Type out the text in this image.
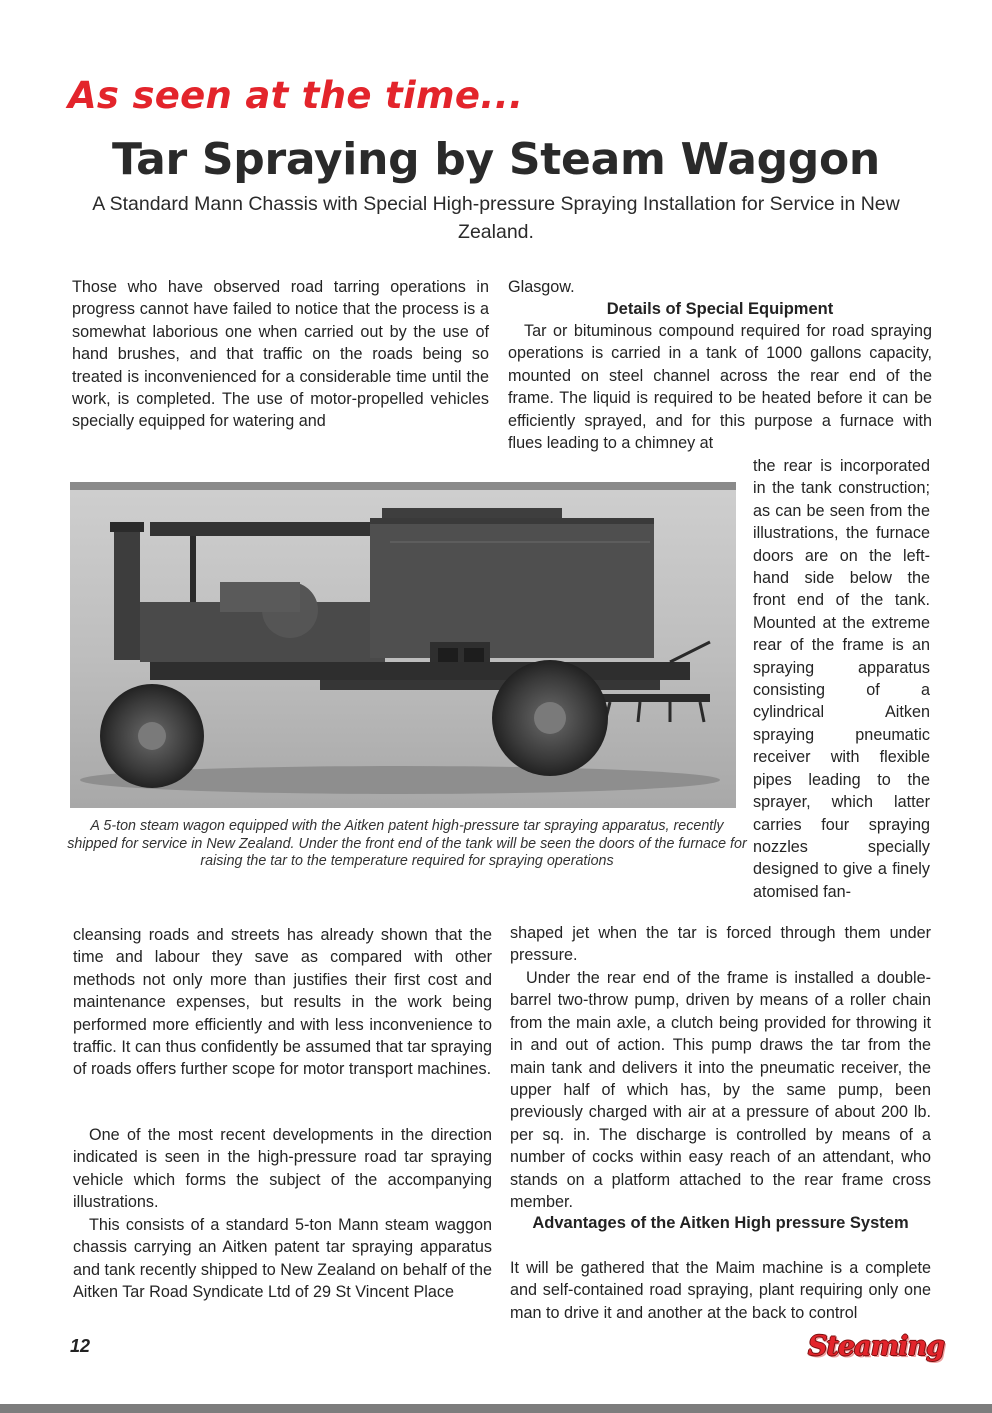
As seen at the time...
Tar Spraying by Steam Waggon

A Standard Mann Chassis with Special High-pressure Spraying Installation for Service in New Zealand.

Those who have observed road tarring operations in progress cannot have failed to notice that the process is a somewhat laborious one when carried out by the use of hand brushes, and that traffic on the roads being so treated is inconvenienced for a considerable time until the work, is completed. The use of motor-propelled vehicles specially equipped for watering and

Glasgow.

Details of Special Equipment

Tar or bituminous compound required for road spraying operations is carried in a tank of 1000 gallons capacity, mounted on steel channel across the rear end of the frame. The liquid is required to be heated before it can be efficiently sprayed, and for this purpose a furnace with flues leading to a chimney at

the rear is incorporated in the tank construction; as can be seen from the illustrations, the furnace doors are on the left-hand side below the front end of the tank. Mounted at the extreme rear of the frame is an spraying apparatus consisting of a cylindrical Aitken spraying pneumatic receiver with flexible pipes leading to the sprayer, which latter carries four spraying nozzles specially designed to give a finely atomised fan-

A 5-ton steam wagon equipped with the Aitken patent high-pressure tar spraying apparatus, recently shipped for service in New Zealand. Under the front end of the tank will be seen the doors of the furnace for raising the tar to the temperature required for spraying operations

cleansing roads and streets has already shown that the time and labour they save as compared with other methods not only more than justifies their first cost and maintenance expenses, but results in the work being performed more efficiently and with less inconvenience to traffic. It can thus confidently be assumed that tar spraying of roads offers further scope for motor transport machines.

One of the most recent developments in the direction indicated is seen in the high-pressure road tar spraying vehicle which forms the subject of the accompanying illustrations.

This consists of a standard 5-ton Mann steam waggon chassis carrying an Aitken patent tar spraying apparatus and tank recently shipped to New Zealand on behalf of the Aitken Tar Road Syndicate Ltd of 29 St Vincent Place

shaped jet when the tar is forced through them under pressure.

Under the rear end of the frame is installed a double-barrel two-throw pump, driven by means of a roller chain from the main axle, a clutch being provided for throwing it in and out of action. This pump draws the tar from the main tank and delivers it into the pneumatic receiver, the upper half of which has, by the same pump, been previously charged with air at a pressure of about 200 lb. per sq. in. The discharge is controlled by means of a number of cocks within easy reach of an attendant, who stands on a platform attached to the rear frame cross member.

Advantages of the Aitken High pressure System

It will be gathered that the Maim machine is a complete and self-contained road spraying, plant requiring only one man to drive it and another at the back to control

12	Steaming
